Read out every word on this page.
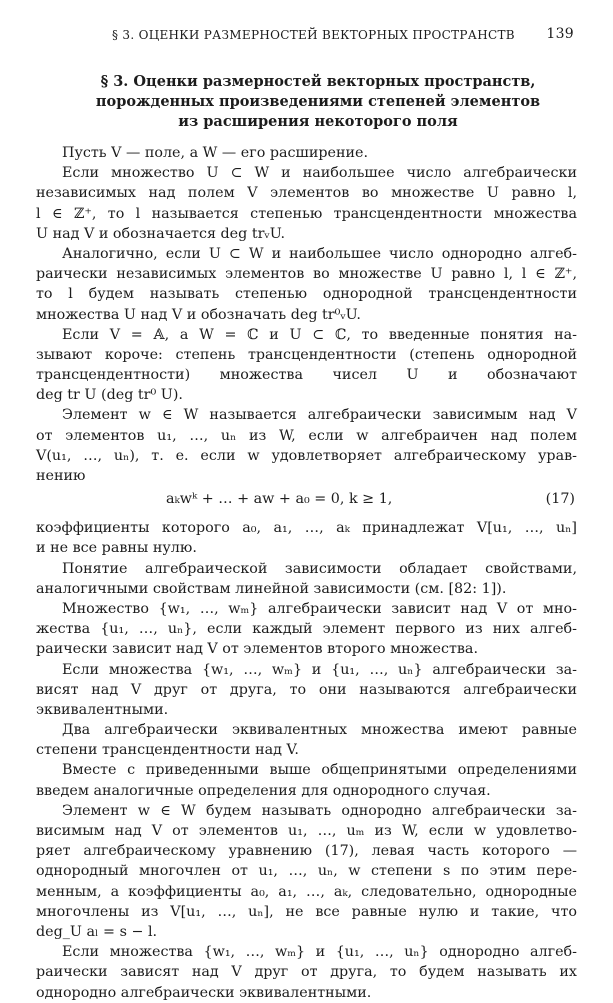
§ 3. ОЦЕНКИ РАЗМЕРНОСТЕЙ ВЕКТОРНЫХ ПРОСТРАНСТВ 139
§ 3. Оценки размерностей векторных пространств,
порожденных произведениями степеней элементов
из расширения некоторого поля
Пусть V — поле, а W — его расширение.
Если множество U ⊂ W и наибольшее число алгебраически
независимых над полем V элементов во множестве U равно l,
l ∈ ℤ⁺, то l называется степенью трансцендентности множества
U над V и обозначается deg trᵥU.
Аналогично, если U ⊂ W и наибольшее число однородно алгеб-
раически независимых элементов во множестве U равно l, l ∈ ℤ⁺,
то l будем называть степенью однородной трансцендентности
множества U над V и обозначать deg tr⁰ᵥU.
Если V = 𝔸, а W = ℂ и U ⊂ ℂ, то введенные понятия на-
зывают короче: степень трансцендентности (степень однородной
трансцендентности) множества чисел U и обозначают
deg tr U (deg tr⁰ U).
Элемент w ∈ W называется алгебраически зависимым над V
от элементов u₁, …, uₙ из W, если w алгебраичен над полем
V(u₁, …, uₙ), т. е. если w удовлетворяет алгебраическому урав-
нению
aₖwᵏ + … + aw + a₀ = 0, k ≥ 1,	(17)
коэффициенты которого a₀, a₁, …, aₖ принадлежат V[u₁, …, uₙ]
и не все равны нулю.
Понятие алгебраической зависимости обладает свойствами,
аналогичными свойствам линейной зависимости (см. [82: 1]).
Множество {w₁, …, wₘ} алгебраически зависит над V от мно-
жества {u₁, …, uₙ}, если каждый элемент первого из них алгеб-
раически зависит над V от элементов второго множества.
Если множества {w₁, …, wₘ} и {u₁, …, uₙ} алгебраически за-
висят над V друг от друга, то они называются алгебраически
эквивалентными.
Два алгебраически эквивалентных множества имеют равные
степени трансцендентности над V.
Вместе с приведенными выше общепринятыми определениями
введем аналогичные определения для однородного случая.
Элемент w ∈ W будем называть однородно алгебраически за-
висимым над V от элементов u₁, …, uₘ из W, если w удовлетво-
ряет алгебраическому уравнению (17), левая часть которого —
однородный многочлен от u₁, …, uₙ, w степени s по этим пере-
менным, а коэффициенты a₀, a₁, …, aₖ, следовательно, однородные
многочлены из V[u₁, …, uₙ], не все равные нулю и такие, что
deg_U aₗ = s − l.
Если множества {w₁, …, wₘ} и {u₁, …, uₙ} однородно алгеб-
раически зависят над V друг от друга, то будем называть их
однородно алгебраически эквивалентными.
